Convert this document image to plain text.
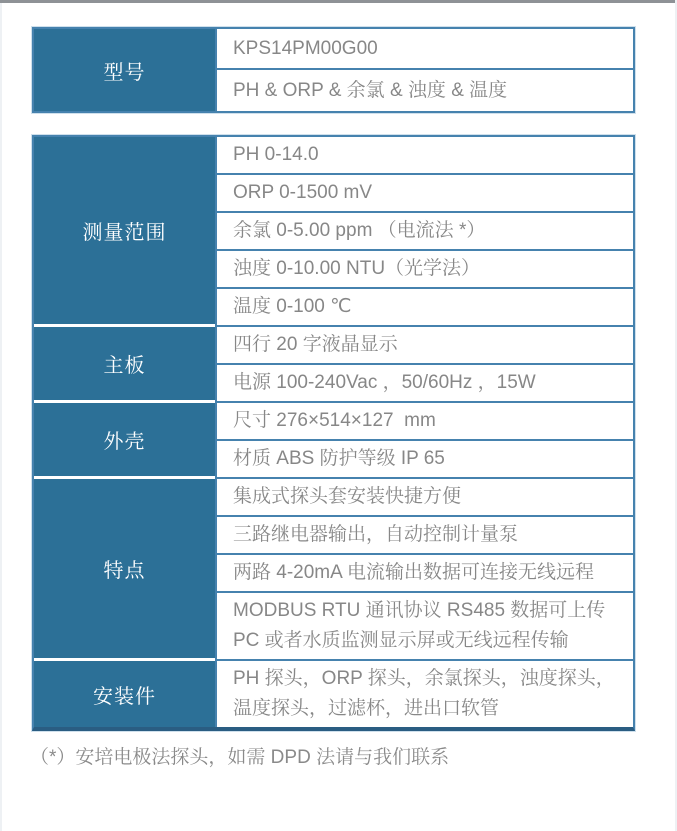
型号
KPS14PM00G00
PH & ORP & 余氯 & 浊度 & 温度
测量范围
PH 0-14.0
ORP 0-1500 mV
余氯 0-5.00 ppm （电流法 *）
浊度 0-10.00 NTU（光学法）
温度 0-100 ℃
主板
四行 20 字液晶显示
电源 100-240Vac ，50/60Hz ，15W
外壳
尺寸 276×514×127  mm
材质 ABS 防护等级 IP 65
特点
集成式探头套安装快捷方便
三路继电器输出，自动控制计量泵
两路 4-20mA 电流输出数据可连接无线远程
MODBUS RTU 通讯协议 RS485 数据可上传 PC 或者水质监测显示屏或无线远程传输
安装件
PH 探头，ORP 探头，余氯探头，浊度探头，温度探头，过滤杯，进出口软管
（*）安培电极法探头，如需 DPD 法请与我们联系
